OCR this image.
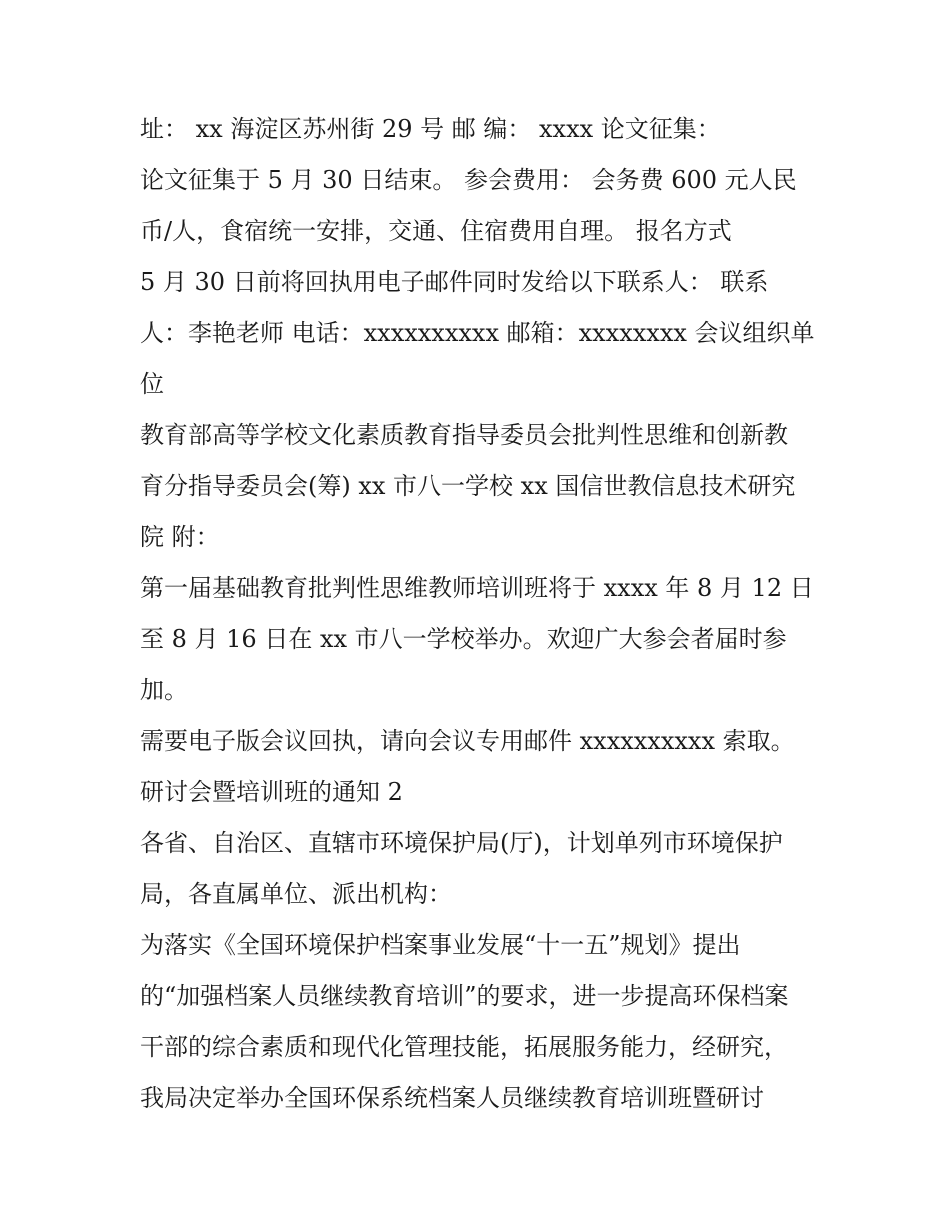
址： xx 海淀区苏州街 29 号 邮 编： xxxx 论文征集：
论文征集于 5 月 30 日结束。 参会费用： 会务费 600 元人民
币/人，食宿统一安排，交通、住宿费用自理。 报名方式
5 月 30 日前将回执用电子邮件同时发给以下联系人： 联系
人：李艳老师 电话：xxxxxxxxxx 邮箱：xxxxxxxx 会议组织单
位
教育部高等学校文化素质教育指导委员会批判性思维和创新教
育分指导委员会(筹) xx 市八一学校 xx 国信世教信息技术研究
院 附：
第一届基础教育批判性思维教师培训班将于 xxxx 年 8 月 12 日
至 8 月 16 日在 xx 市八一学校举办。欢迎广大参会者届时参
加。
需要电子版会议回执，请向会议专用邮件 xxxxxxxxxx 索取。
研讨会暨培训班的通知 2
各省、自治区、直辖市环境保护局(厅)，计划单列市环境保护
局，各直属单位、派出机构：
为落实《全国环境保护档案事业发展“十一五”规划》提出
的“加强档案人员继续教育培训”的要求，进一步提高环保档案
干部的综合素质和现代化管理技能，拓展服务能力，经研究，
我局决定举办全国环保系统档案人员继续教育培训班暨研讨
